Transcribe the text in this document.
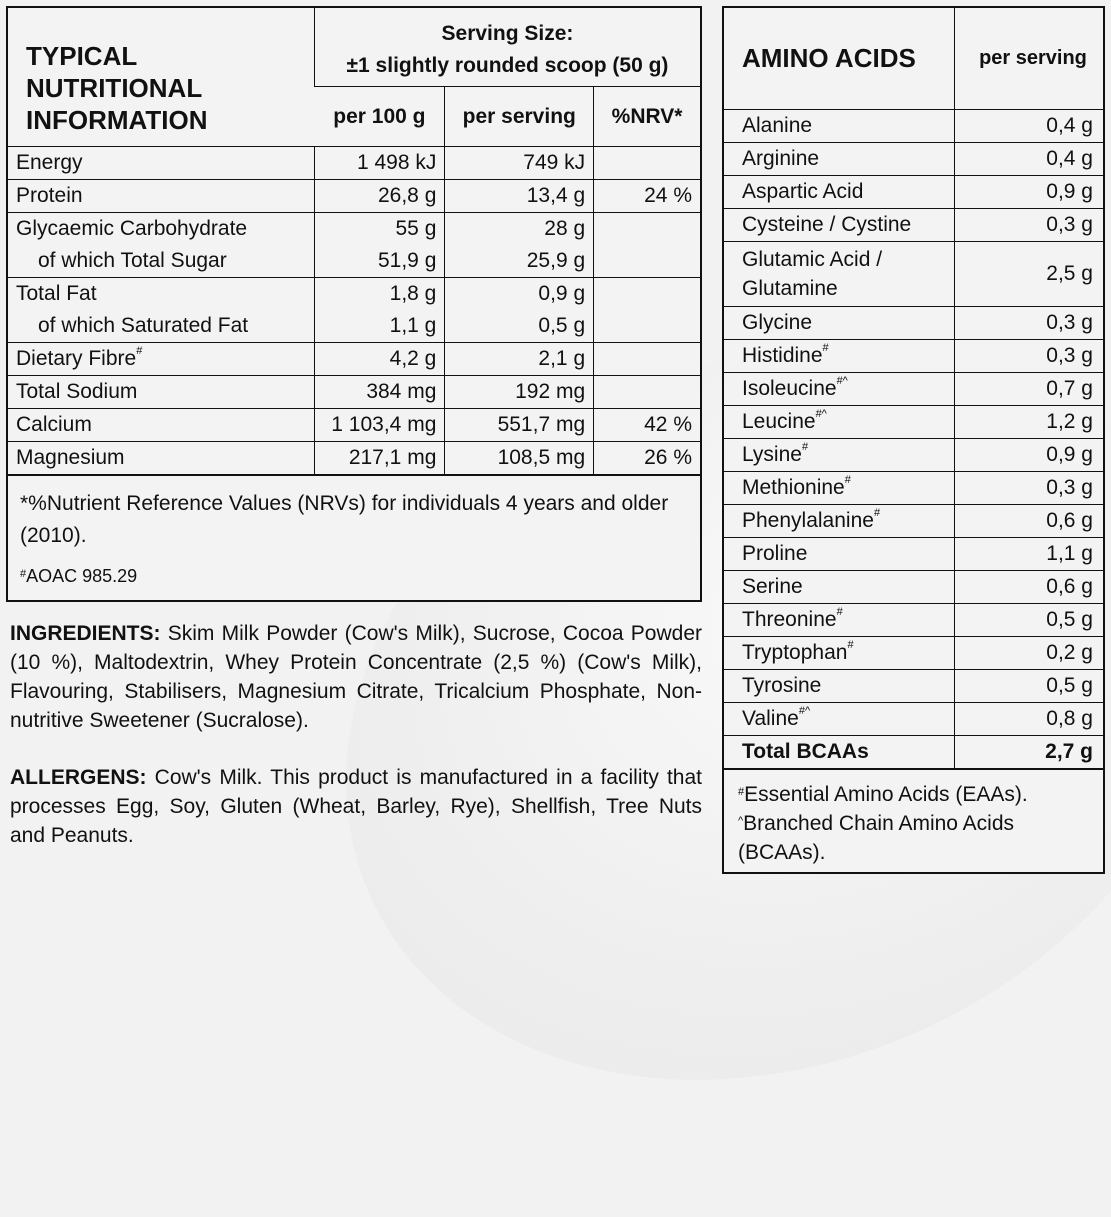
TYPICAL NUTRITIONAL INFORMATION	Serving Size:
±1 slightly rounded scoop (50 g)		

	per 100 g	per serving	%NRV*
Energy	1 498 kJ	749 kJ	
Protein	26,8 g	13,4 g	24 %
Glycaemic Carbohydrate	55 g	28 g	
of which Total Sugar	51,9 g	25,9 g	
Total Fat	1,8 g	0,9 g	
of which Saturated Fat	1,1 g	0,5 g	
Dietary Fibre#	4,2 g	2,1 g	
Total Sodium	384 mg	192 mg	
Calcium	1 103,4 mg	551,7 mg	42 %
Magnesium	217,1 mg	108,5 mg	26 %

*%Nutrient Reference Values (NRVs) for individuals 4 years and older (2010).

#AOAC 985.29

INGREDIENTS: Skim Milk Powder (Cow's Milk), Sucrose, Cocoa Powder (10 %), Maltodextrin, Whey Protein Concentrate (2,5 %) (Cow's Milk), Flavouring, Stabilisers, Magnesium Citrate, Tricalcium Phosphate, Non-nutritive Sweetener (Sucralose).
ALLERGENS: Cow's Milk. This product is manufactured in a facility that processes Egg, Soy, Gluten (Wheat, Barley, Rye), Shellfish, Tree Nuts and Peanuts.
AMINO ACIDS	per serving
Alanine	0,4 g
Arginine	0,4 g
Aspartic Acid	0,9 g
Cysteine / Cystine	0,3 g
Glutamic Acid / Glutamine	2,5 g
Glycine	0,3 g
Histidine#	0,3 g
Isoleucine#^	0,7 g
Leucine#^	1,2 g
Lysine#	0,9 g
Methionine#	0,3 g
Phenylalanine#	0,6 g
Proline	1,1 g
Serine	0,6 g
Threonine#	0,5 g
Tryptophan#	0,2 g
Tyrosine	0,5 g
Valine#^	0,8 g
Total BCAAs	2,7 g

#Essential Amino Acids (EAAs).

^Branched Chain Amino Acids (BCAAs).
